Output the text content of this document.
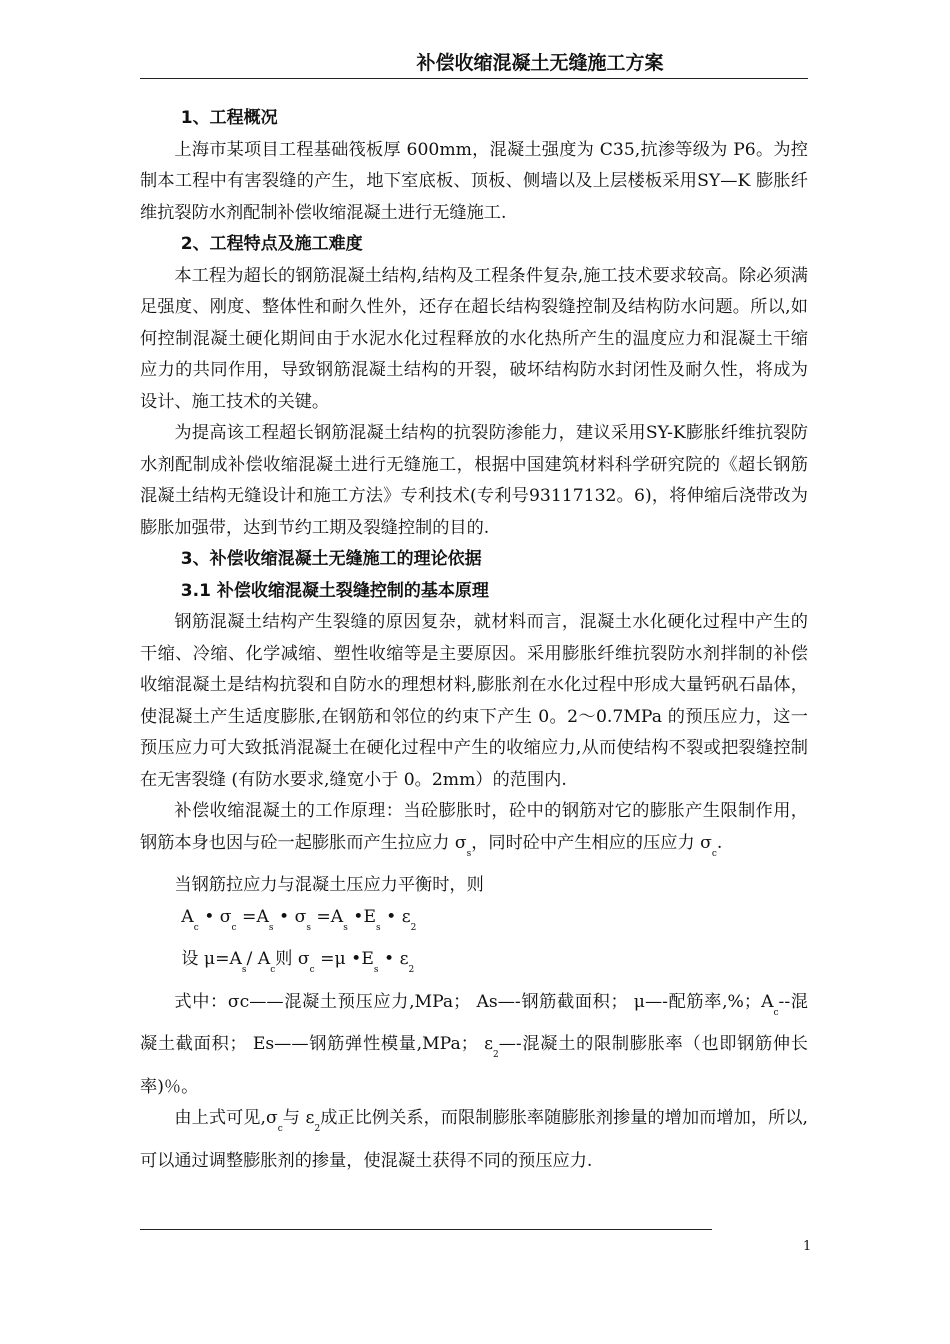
补偿收缩混凝土无缝施工方案
1、工程概况

上海市某项目工程基础筏板厚 600mm，混凝土强度为 C35,抗渗等级为 P6。为控制本工程中有害裂缝的产生，地下室底板、顶板、侧墙以及上层楼板采用SY—K 膨胀纤维抗裂防水剂配制补偿收缩混凝土进行无缝施工.

2、工程特点及施工难度

本工程为超长的钢筋混凝土结构,结构及工程条件复杂,施工技术要求较高。除必须满足强度、刚度、整体性和耐久性外，还存在超长结构裂缝控制及结构防水问题。所以,如何控制混凝土硬化期间由于水泥水化过程释放的水化热所产生的温度应力和混凝土干缩应力的共同作用，导致钢筋混凝土结构的开裂，破坏结构防水封闭性及耐久性，将成为设计、施工技术的关键。

为提高该工程超长钢筋混凝土结构的抗裂防渗能力，建议采用SY-K膨胀纤维抗裂防水剂配制成补偿收缩混凝土进行无缝施工，根据中国建筑材料科学研究院的《超长钢筋混凝土结构无缝设计和施工方法》专利技术(专利号93117132。6)，将伸缩后浇带改为膨胀加强带，达到节约工期及裂缝控制的目的.

3、补偿收缩混凝土无缝施工的理论依据
3.1 补偿收缩混凝土裂缝控制的基本原理

钢筋混凝土结构产生裂缝的原因复杂，就材料而言，混凝土水化硬化过程中产生的干缩、冷缩、化学减缩、塑性收缩等是主要原因。采用膨胀纤维抗裂防水剂拌制的补偿收缩混凝土是结构抗裂和自防水的理想材料,膨胀剂在水化过程中形成大量钙矾石晶体，使混凝土产生适度膨胀,在钢筋和邻位的约束下产生 0。2～0.7MPa 的预压应力，这一预压应力可大致抵消混凝土在硬化过程中产生的收缩应力,从而使结构不裂或把裂缝控制在无害裂缝 (有防水要求,缝宽小于 0。2mm）的范围内.

补偿收缩混凝土的工作原理：当砼膨胀时，砼中的钢筋对它的膨胀产生限制作用，钢筋本身也因与砼一起膨胀而产生拉应力 $\sigma_s$，同时砼中产生相应的压应力 $\sigma_c$.

当钢筋拉应力与混凝土压应力平衡时，则

$A_c$ • $\sigma_c =A_s$ • $\sigma_s =A_s$ $•E_s$ • $\varepsilon_2$
设 $\mu=A_s/$ $A_c$则 $\sigma_c =\mu$ $•E_s$ • $\varepsilon_2$

式中：σc——混凝土预压应力,MPa； As—-钢筋截面积； μ—-配筋率,%；$A_c--$混凝土截面积； Es——钢筋弹性模量,MPa； $\varepsilon_2—-$混凝土的限制膨胀率（也即钢筋伸长率)％。

由上式可见$,\sigma_c$与 $\varepsilon_2$成正比例关系，而限制膨胀率随膨胀剂掺量的增加而增加，所以,可以通过调整膨胀剂的掺量，使混凝土获得不同的预压应力.

1
